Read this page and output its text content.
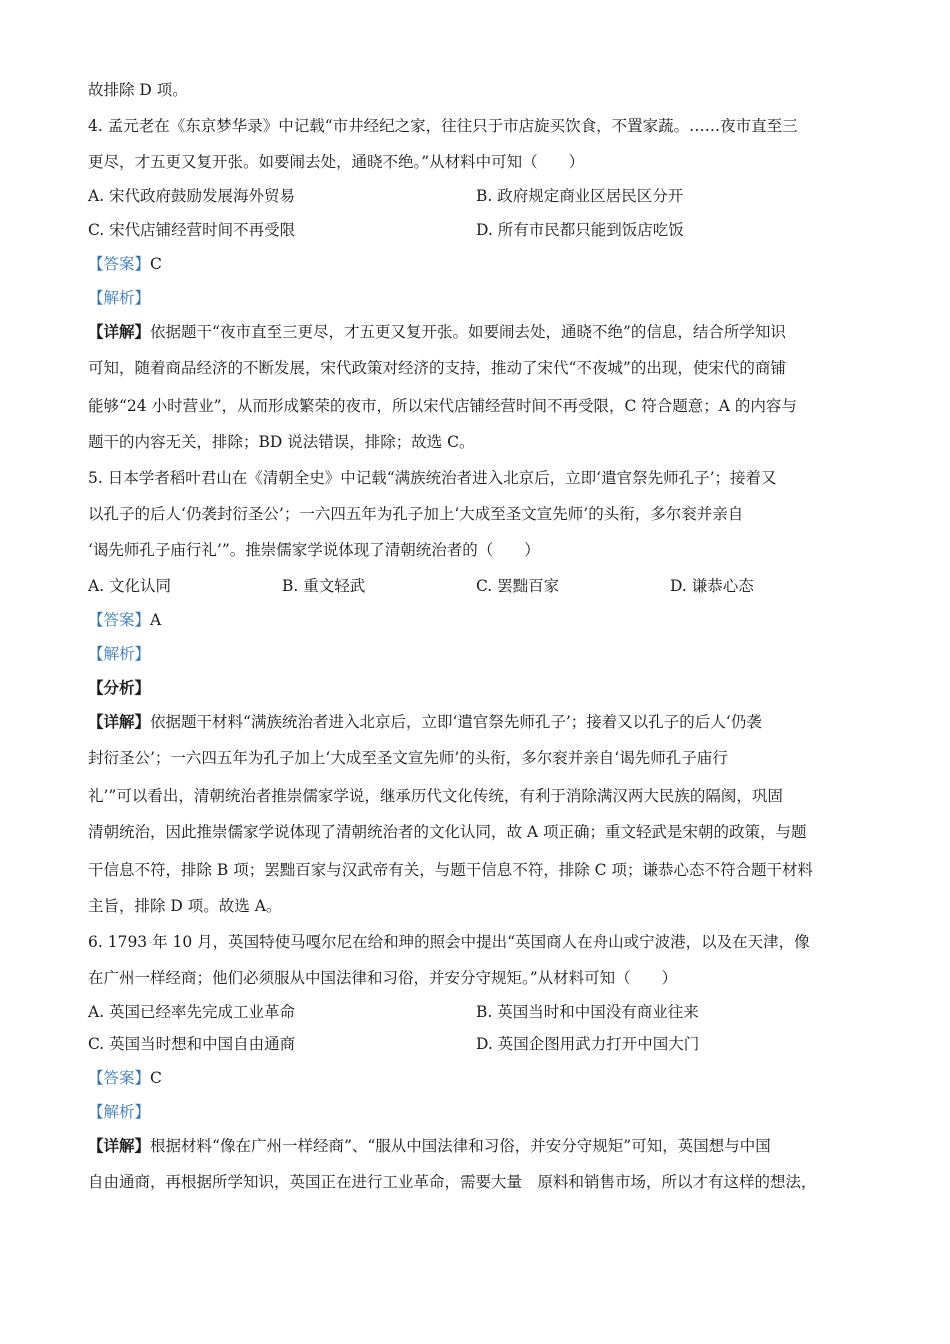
故排除 D 项。
4. 孟元老在《东京梦华录》中记载“市井经纪之家，往往只于市店旋买饮食，不置家蔬。……夜市直至三
更尽，才五更又复开张。如要闹去处，通晓不绝。”从材料中可知（　　）
A. 宋代政府鼓励发展海外贸易	B. 政府规定商业区居民区分开
C. 宋代店铺经营时间不再受限	D. 所有市民都只能到饭店吃饭
【答案】C
【解析】
【详解】依据题干“夜市直至三更尽，才五更又复开张。如要闹去处，通晓不绝”的信息，结合所学知识
可知，随着商品经济的不断发展，宋代政策对经济的支持，推动了宋代“不夜城”的出现，使宋代的商铺
能够“24 小时营业”，从而形成繁荣的夜市，所以宋代店铺经营时间不再受限，C 符合题意；A 的内容与
题干的内容无关，排除；BD 说法错误，排除；故选 C。
5. 日本学者稻叶君山在《清朝全史》中记载“满族统治者进入北京后，立即‘遣官祭先师孔子’；接着又
以孔子的后人‘仍袭封衍圣公’；一六四五年为孔子加上‘大成至圣文宣先师’的头衔，多尔衮并亲自
‘谒先师孔子庙行礼’”。推崇儒家学说体现了清朝统治者的（　　）
A. 文化认同	B. 重文轻武	C. 罢黜百家	D. 谦恭心态
【答案】A
【解析】
【分析】
【详解】依据题干材料“满族统治者进入北京后，立即‘遣官祭先师孔子’；接着又以孔子的后人‘仍袭
封衍圣公’；一六四五年为孔子加上‘大成至圣文宣先师’的头衔，多尔衮并亲自‘谒先师孔子庙行
礼’”可以看出，清朝统治者推崇儒家学说，继承历代文化传统，有利于消除满汉两大民族的隔阂，巩固
清朝统治，因此推崇儒家学说体现了清朝统治者的文化认同，故 A 项正确；重文轻武是宋朝的政策，与题
干信息不符，排除 B 项；罢黜百家与汉武帝有关，与题干信息不符，排除 C 项；谦恭心态不符合题干材料
主旨，排除 D 项。故选 A。
6. 1793 年 10 月，英国特使马嘎尔尼在给和珅的照会中提出“英国商人在舟山或宁波港，以及在天津，像
在广州一样经商；他们必须服从中国法律和习俗，并安分守规矩。”从材料可知（　　）
A. 英国已经率先完成工业革命	B. 英国当时和中国没有商业往来
C. 英国当时想和中国自由通商	D. 英国企图用武力打开中国大门
【答案】C
【解析】
【详解】根据材料“像在广州一样经商”、“服从中国法律和习俗，并安分守规矩”可知，英国想与中国
自由通商，再根据所学知识，英国正在进行工业革命，需要大量　原料和销售市场，所以才有这样的想法，
